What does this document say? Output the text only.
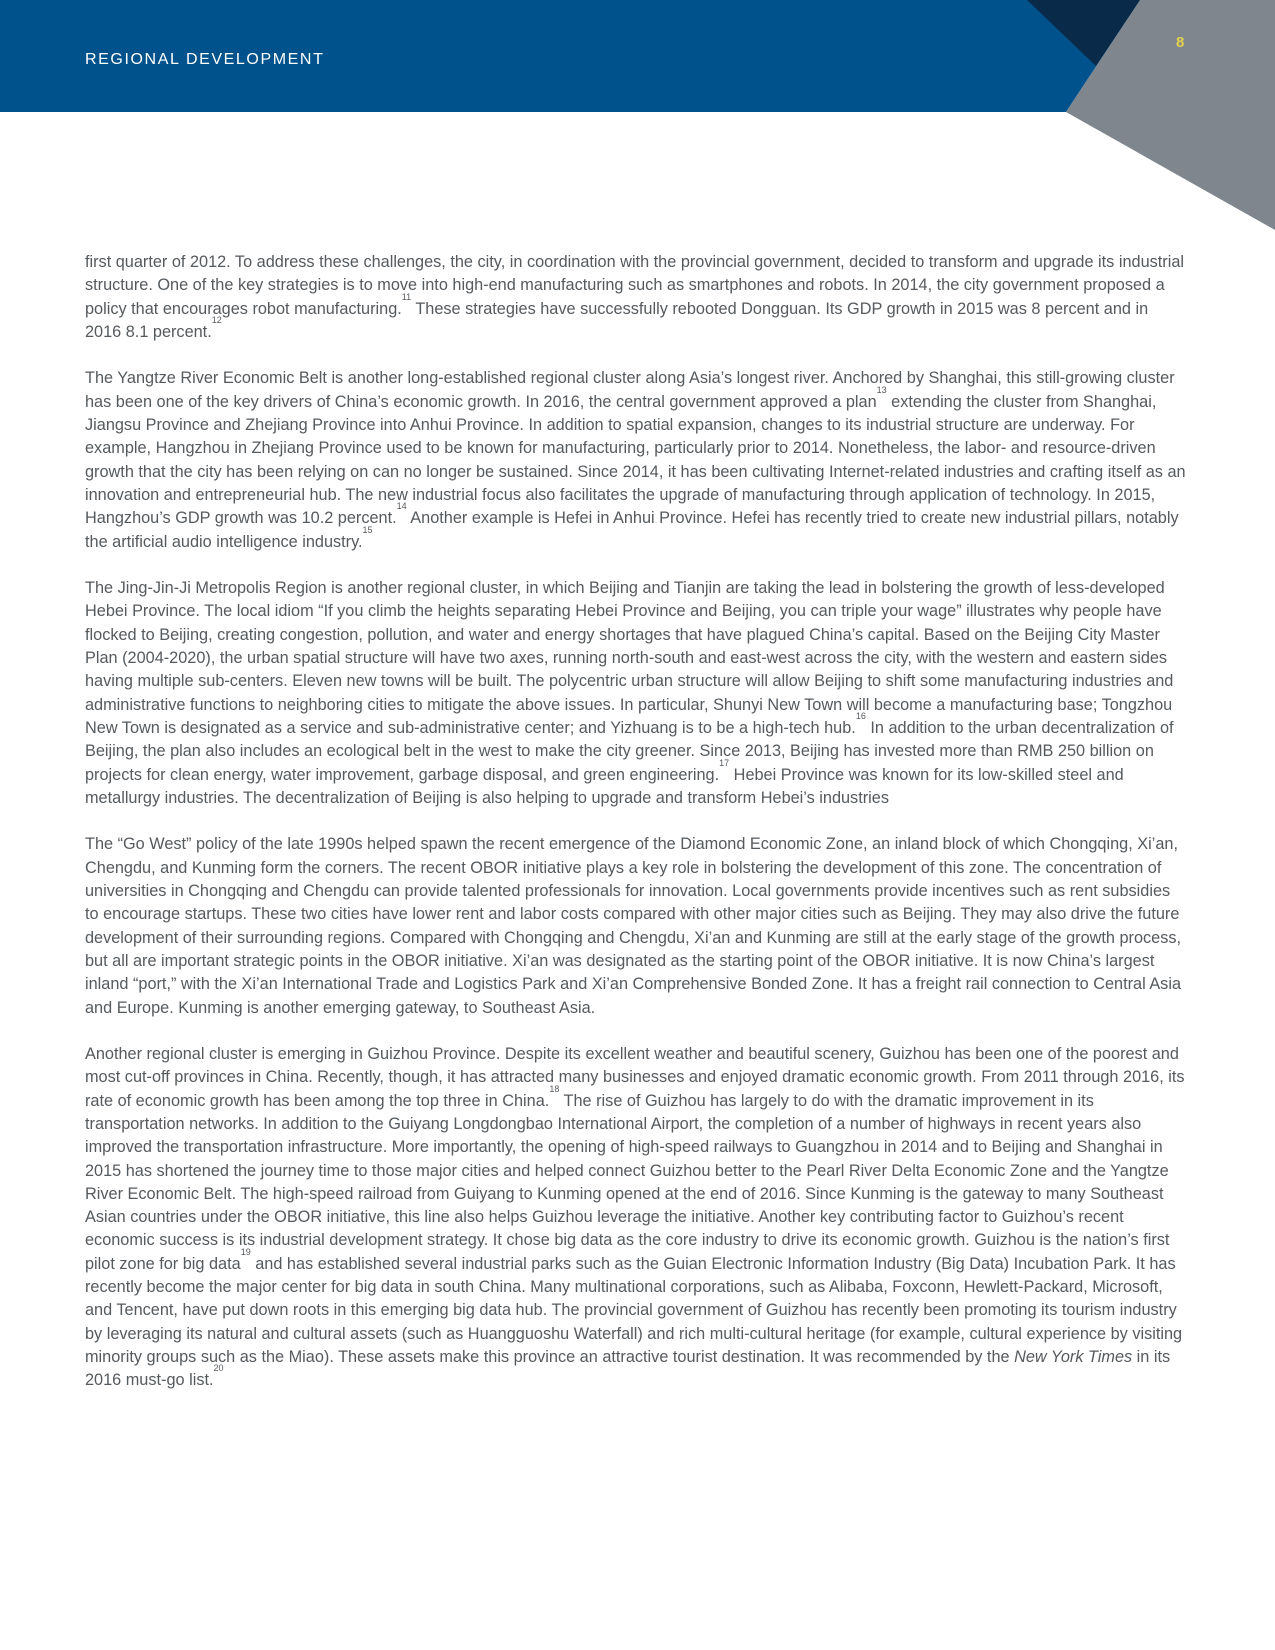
REGIONAL DEVELOPMENT
8

first quarter of 2012. To address these challenges, the city, in coordination with the provincial government, decided to transform and upgrade its industrial structure. One of the key strategies is to move into high-end manufacturing such as smartphones and robots. In 2014, the city government proposed a policy that encourages robot manufacturing.$^{11}$ These strategies have successfully rebooted Dongguan. Its GDP growth in 2015 was 8 percent and in 2016 8.1 percent.$^{12}$

The Yangtze River Economic Belt is another long-established regional cluster along Asia’s longest river. Anchored by Shanghai, this still-growing cluster has been one of the key drivers of China’s economic growth. In 2016, the central government approved a plan$^{13}$ extending the cluster from Shanghai, Jiangsu Province and Zhejiang Province into Anhui Province. In addition to spatial expansion, changes to its industrial structure are underway. For example, Hangzhou in Zhejiang Province used to be known for manufacturing, particularly prior to 2014. Nonetheless, the labor- and resource-driven growth that the city has been relying on can no longer be sustained. Since 2014, it has been cultivating Internet-related industries and crafting itself as an innovation and entrepreneurial hub. The new industrial focus also facilitates the upgrade of manufacturing through application of technology. In 2015, Hangzhou’s GDP growth was 10.2 percent.$^{14}$ Another example is Hefei in Anhui Province. Hefei has recently tried to create new industrial pillars, notably the artificial audio intelligence industry.$^{15}$

The Jing-Jin-Ji Metropolis Region is another regional cluster, in which Beijing and Tianjin are taking the lead in bolstering the growth of less-developed Hebei Province. The local idiom “If you climb the heights separating Hebei Province and Beijing, you can triple your wage” illustrates why people have flocked to Beijing, creating congestion, pollution, and water and energy shortages that have plagued China’s capital. Based on the Beijing City Master Plan (2004-2020), the urban spatial structure will have two axes, running north-south and east-west across the city, with the western and eastern sides having multiple sub-centers. Eleven new towns will be built. The polycentric urban structure will allow Beijing to shift some manufacturing industries and administrative functions to neighboring cities to mitigate the above issues. In particular, Shunyi New Town will become a manufacturing base; Tongzhou New Town is designated as a service and sub-administrative center; and Yizhuang is to be a high-tech hub.$^{16}$ In addition to the urban decentralization of Beijing, the plan also includes an ecological belt in the west to make the city greener. Since 2013, Beijing has invested more than RMB 250 billion on projects for clean energy, water improvement, garbage disposal, and green engineering.$^{17}$ Hebei Province was known for its low-skilled steel and metallurgy industries. The decentralization of Beijing is also helping to upgrade and transform Hebei’s industries

The “Go West” policy of the late 1990s helped spawn the recent emergence of the Diamond Economic Zone, an inland block of which Chongqing, Xi’an, Chengdu, and Kunming form the corners. The recent OBOR initiative plays a key role in bolstering the development of this zone. The concentration of universities in Chongqing and Chengdu can provide talented professionals for innovation. Local governments provide incentives such as rent subsidies to encourage startups. These two cities have lower rent and labor costs compared with other major cities such as Beijing. They may also drive the future development of their surrounding regions. Compared with Chongqing and Chengdu, Xi’an and Kunming are still at the early stage of the growth process, but all are important strategic points in the OBOR initiative. Xi’an was designated as the starting point of the OBOR initiative. It is now China’s largest inland “port,” with the Xi’an International Trade and Logistics Park and Xi’an Comprehensive Bonded Zone. It has a freight rail connection to Central Asia and Europe. Kunming is another emerging gateway, to Southeast Asia.

Another regional cluster is emerging in Guizhou Province. Despite its excellent weather and beautiful scenery, Guizhou has been one of the poorest and most cut-off provinces in China. Recently, though, it has attracted many businesses and enjoyed dramatic economic growth. From 2011 through 2016, its rate of economic growth has been among the top three in China.$^{18}$ The rise of Guizhou has largely to do with the dramatic improvement in its transportation networks. In addition to the Guiyang Longdongbao International Airport, the completion of a number of highways in recent years also improved the transportation infrastructure. More importantly, the opening of high-speed railways to Guangzhou in 2014 and to Beijing and Shanghai in 2015 has shortened the journey time to those major cities and helped connect Guizhou better to the Pearl River Delta Economic Zone and the Yangtze River Economic Belt. The high-speed railroad from Guiyang to Kunming opened at the end of 2016. Since Kunming is the gateway to many Southeast Asian countries under the OBOR initiative, this line also helps Guizhou leverage the initiative. Another key contributing factor to Guizhou’s recent economic success is its industrial development strategy. It chose big data as the core industry to drive its economic growth. Guizhou is the nation’s first pilot zone for big data$^{19}$ and has established several industrial parks such as the Guian Electronic Information Industry (Big Data) Incubation Park. It has recently become the major center for big data in south China. Many multinational corporations, such as Alibaba, Foxconn, Hewlett-Packard, Microsoft, and Tencent, have put down roots in this emerging big data hub. The provincial government of Guizhou has recently been promoting its tourism industry by leveraging its natural and cultural assets (such as Huangguoshu Waterfall) and rich multi-cultural heritage (for example, cultural experience by visiting minority groups such as the Miao). These assets make this province an attractive tourist destination. It was recommended by the New York Times in its 2016 must-go list.$^{20}$
